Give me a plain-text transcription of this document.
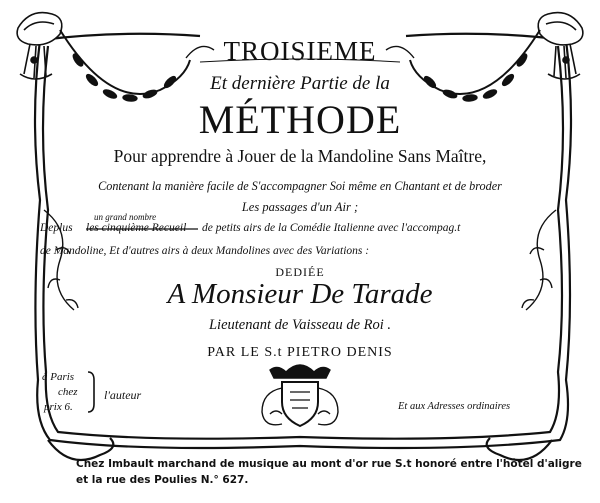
TROISIEME
Et dernière Partie de la
MÉTHODE
Pour apprendre à Jouer de la Mandoline Sans Maître,
Contenant la manière facile de S'accompagner Soi même en Chantant et de broder
Les passages d'un Air ;
un grand nombre
Deplus les cinquième Recueil de petits airs de la Comédie Italienne avec l'accompag.t
de Mandoline, Et d'autres airs à deux Mandolines avec des Variations :
DEDIÉE
A Monsieur De Tarade
Lieutenant de Vaisseau de Roi .
PAR LE S.t PIETRO DENIS
à Paris
chez
prix 6.
l'auteur
Et aux Adresses ordinaires
Chez Imbault marchand de musique au mont d'or rue S.t honoré entre l'hôtel d'aligre
et la rue des Poulies N.° 627.
